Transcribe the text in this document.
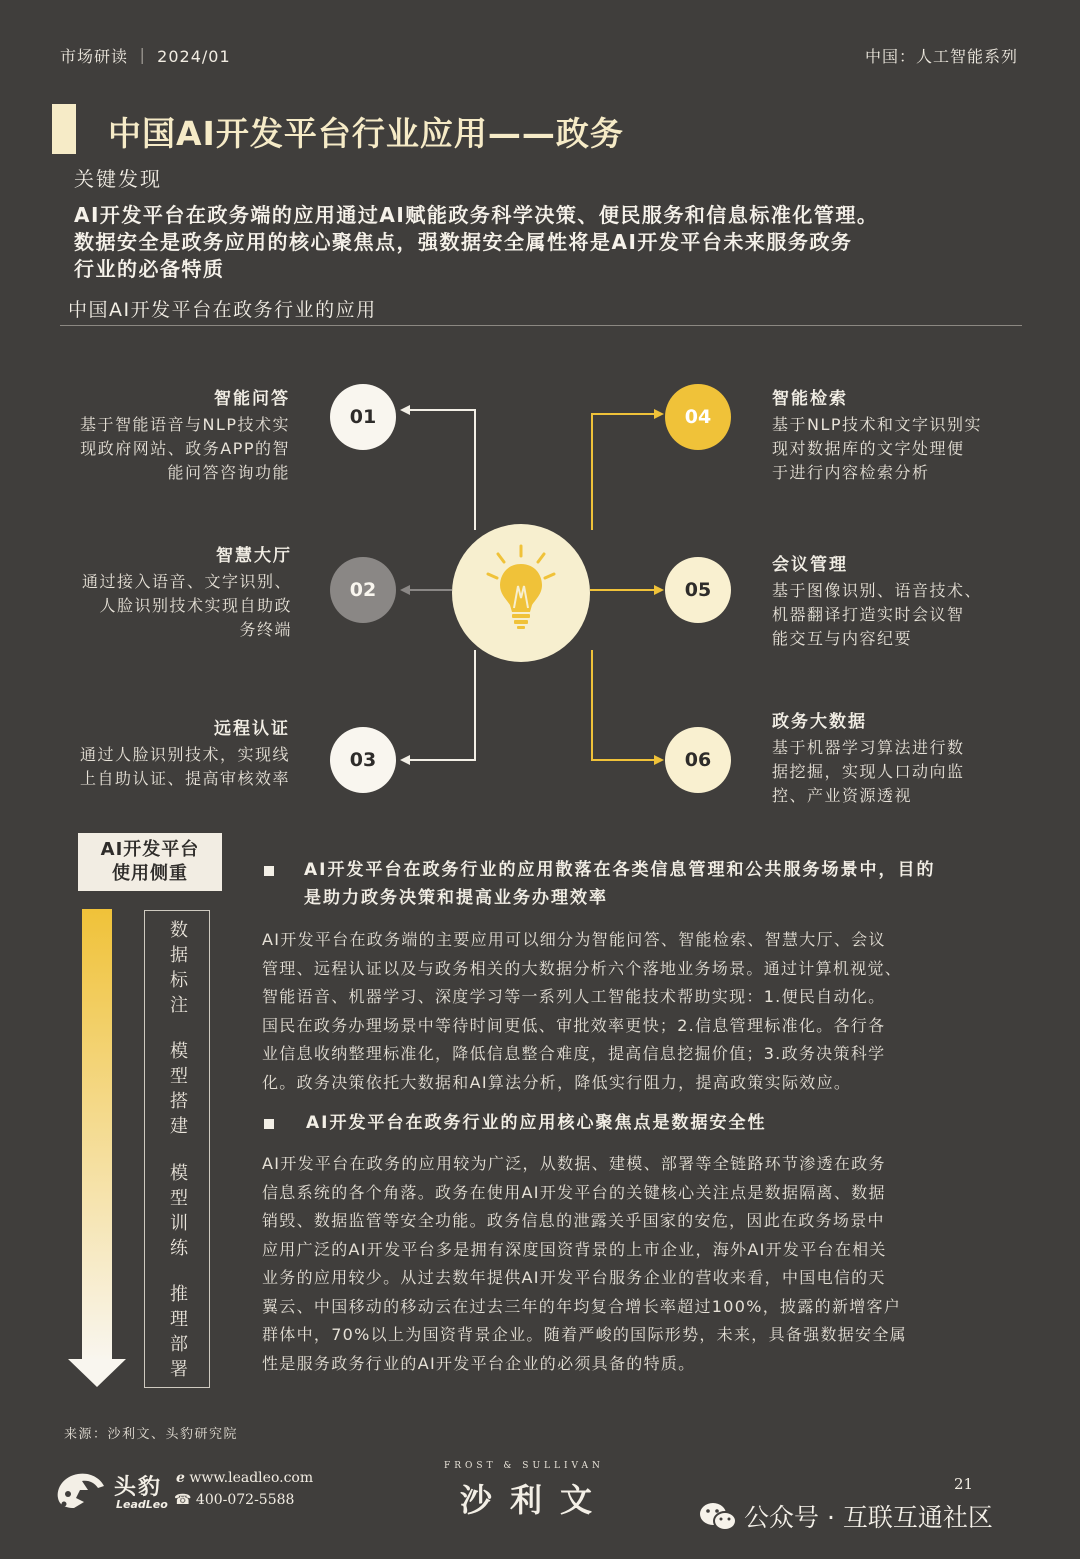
市场研读 ｜ 2024/01	中国：人工智能系列
中国AI开发平台行业应用——政务
关键发现
AI开发平台在政务端的应用通过AI赋能政务科学决策、便民服务和信息标准化管理。
数据安全是政务应用的核心聚焦点，强数据安全属性将是AI开发平台未来服务政务
行业的必备特质
中国AI开发平台在政务行业的应用
01
02
03
04
05
06
智能问答
基于智能语音与NLP技术实
现政府网站、政务APP的智
能问答咨询功能
智慧大厅
通过接入语音、文字识别、
人脸识别技术实现自助政
务终端
远程认证
通过人脸识别技术，实现线
上自助认证、提高审核效率
智能检索
基于NLP技术和文字识别实
现对数据库的文字处理便
于进行内容检索分析
会议管理
基于图像识别、语音技术、
机器翻译打造实时会议智
能交互与内容纪要
政务大数据
基于机器学习算法进行数
据挖掘，实现人口动向监
控、产业资源透视
AI开发平台
使用侧重
数
据
标
注
模
型
搭
建
模
型
训
练
推
理
部
署
AI开发平台在政务行业的应用散落在各类信息管理和公共服务场景中，目的
是助力政务决策和提高业务办理效率
AI开发平台在政务端的主要应用可以细分为智能问答、智能检索、智慧大厅、会议
管理、远程认证以及与政务相关的大数据分析六个落地业务场景。通过计算机视觉、
智能语音、机器学习、深度学习等一系列人工智能技术帮助实现：1.便民自动化。
国民在政务办理场景中等待时间更低、审批效率更快；2.信息管理标准化。各行各
业信息收纳整理标准化，降低信息整合难度，提高信息挖掘价值；3.政务决策科学
化。政务决策依托大数据和AI算法分析，降低实行阻力，提高政策实际效应。
AI开发平台在政务行业的应用核心聚焦点是数据安全性
AI开发平台在政务的应用较为广泛，从数据、建模、部署等全链路环节渗透在政务
信息系统的各个角落。政务在使用AI开发平台的关键核心关注点是数据隔离、数据
销毁、数据监管等安全功能。政务信息的泄露关乎国家的安危，因此在政务场景中
应用广泛的AI开发平台多是拥有深度国资背景的上市企业，海外AI开发平台在相关
业务的应用较少。从过去数年提供AI开发平台服务企业的营收来看，中国电信的天
翼云、中国移动的移动云在过去三年的年均复合增长率超过100%，披露的新增客户
群体中，70%以上为国资背景企业。随着严峻的国际形势，未来，具备强数据安全属
性是服务政务行业的AI开发平台企业的必须具备的特质。
来源：沙利文、头豹研究院
头豹
LeadLeo
e www.leadleo.com
☎ 400-072-5588
FROST & SULLIVAN
沙利文	21
公众号 · 互联互通社区
